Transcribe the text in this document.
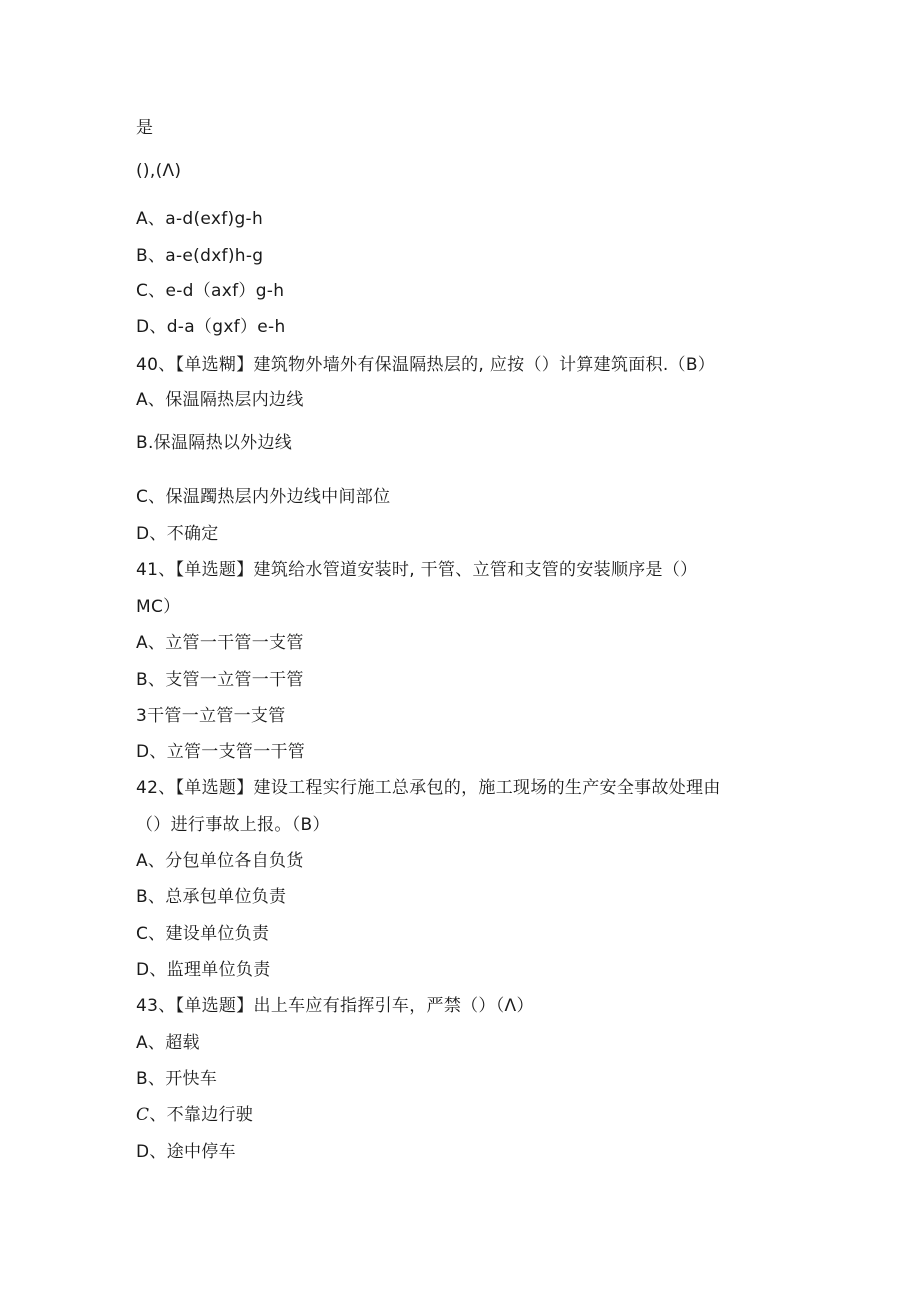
是
(),(Λ)
A、a-d(exf)g-h
B、a-e(dxf)h-g
C、e-d（axf）g-h
D、d-a（gxf）e-h
40、【单选糊】建筑物外墙外有保温隔热层的, 应按（）计算建筑面积.（B）
A、保温隔热层内边线
B.保温隔热以外边线
C、保温躅热层内外边线中间部位
D、不确定
41、【单选题】建筑给水管道安装时, 干管、立管和支管的安装顺序是（）
MC）
A、立管一干管一支管
B、支管一立管一干管
3干管一立管一支管
D、立管一支管一干管
42、【单选题】建设工程实行施工总承包的，施工现场的生产安全事故处理由
（）进行事故上报。（B）
A、分包单位各自负货
B、总承包单位负责
C、建设单位负责
D、监理单位负责
43、【单选题】出上车应有指挥引车，严禁（）（Λ）
A、超载
B、开快车
C、不靠边行驶
D、途中停车
